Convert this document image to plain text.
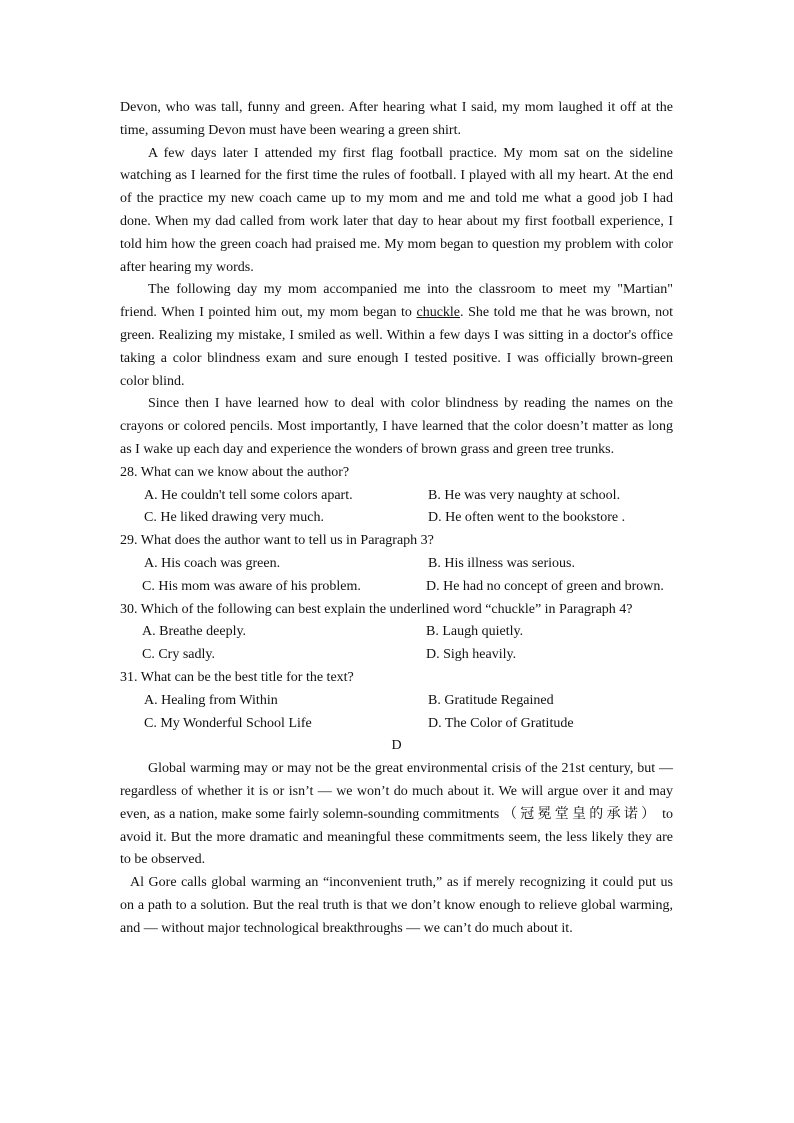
Devon, who was tall, funny and green. After hearing what I said, my mom laughed it off at the time, assuming Devon must have been wearing a green shirt.

A few days later I attended my first flag football practice. My mom sat on the sideline watching as I learned for the first time the rules of football. I played with all my heart. At the end of the practice my new coach came up to my mom and me and told me what a good job I had done. When my dad called from work later that day to hear about my first football experience, I told him how the green coach had praised me. My mom began to question my problem with color after hearing my words.

The following day my mom accompanied me into the classroom to meet my "Martian" friend. When I pointed him out, my mom began to chuckle. She told me that he was brown, not green. Realizing my mistake, I smiled as well. Within a few days I was sitting in a doctor's office taking a color blindness exam and sure enough I tested positive. I was officially brown-green color blind.

Since then I have learned how to deal with color blindness by reading the names on the crayons or colored pencils. Most importantly, I have learned that the color doesn’t matter as long as I wake up each day and experience the wonders of brown grass and green tree trunks.

28. What can we know about the author?

A. He couldn't tell some colors apart.	B. He was very naughty at school.
C. He liked drawing very much.	D. He often went to the bookstore .

29. What does the author want to tell us in Paragraph 3?

A. His coach was green.	B. His illness was serious.
C. His mom was aware of his problem.	D. He had no concept of green and brown.

30. Which of the following can best explain the underlined word “chuckle” in Paragraph 4?

A. Breathe deeply.	B. Laugh quietly.
C. Cry sadly.	D. Sigh heavily.

31. What can be the best title for the text?

A. Healing from Within	B. Gratitude Regained
C. My Wonderful School Life	D. The Color of Gratitude

D

Global warming may or may not be the great environmental crisis of the 21st century, but — regardless of whether it is or isn’t — we won’t do much about it. We will argue over it and may even, as a nation, make some fairly solemn-sounding commitments （冠冕堂皇的承诺） to avoid it. But the more dramatic and meaningful these commitments seem, the less likely they are to be observed.

Al Gore calls global warming an “inconvenient truth,” as if merely recognizing it could put us on a path to a solution. But the real truth is that we don’t know enough to relieve global warming, and — without major technological breakthroughs — we can’t do much about it.
